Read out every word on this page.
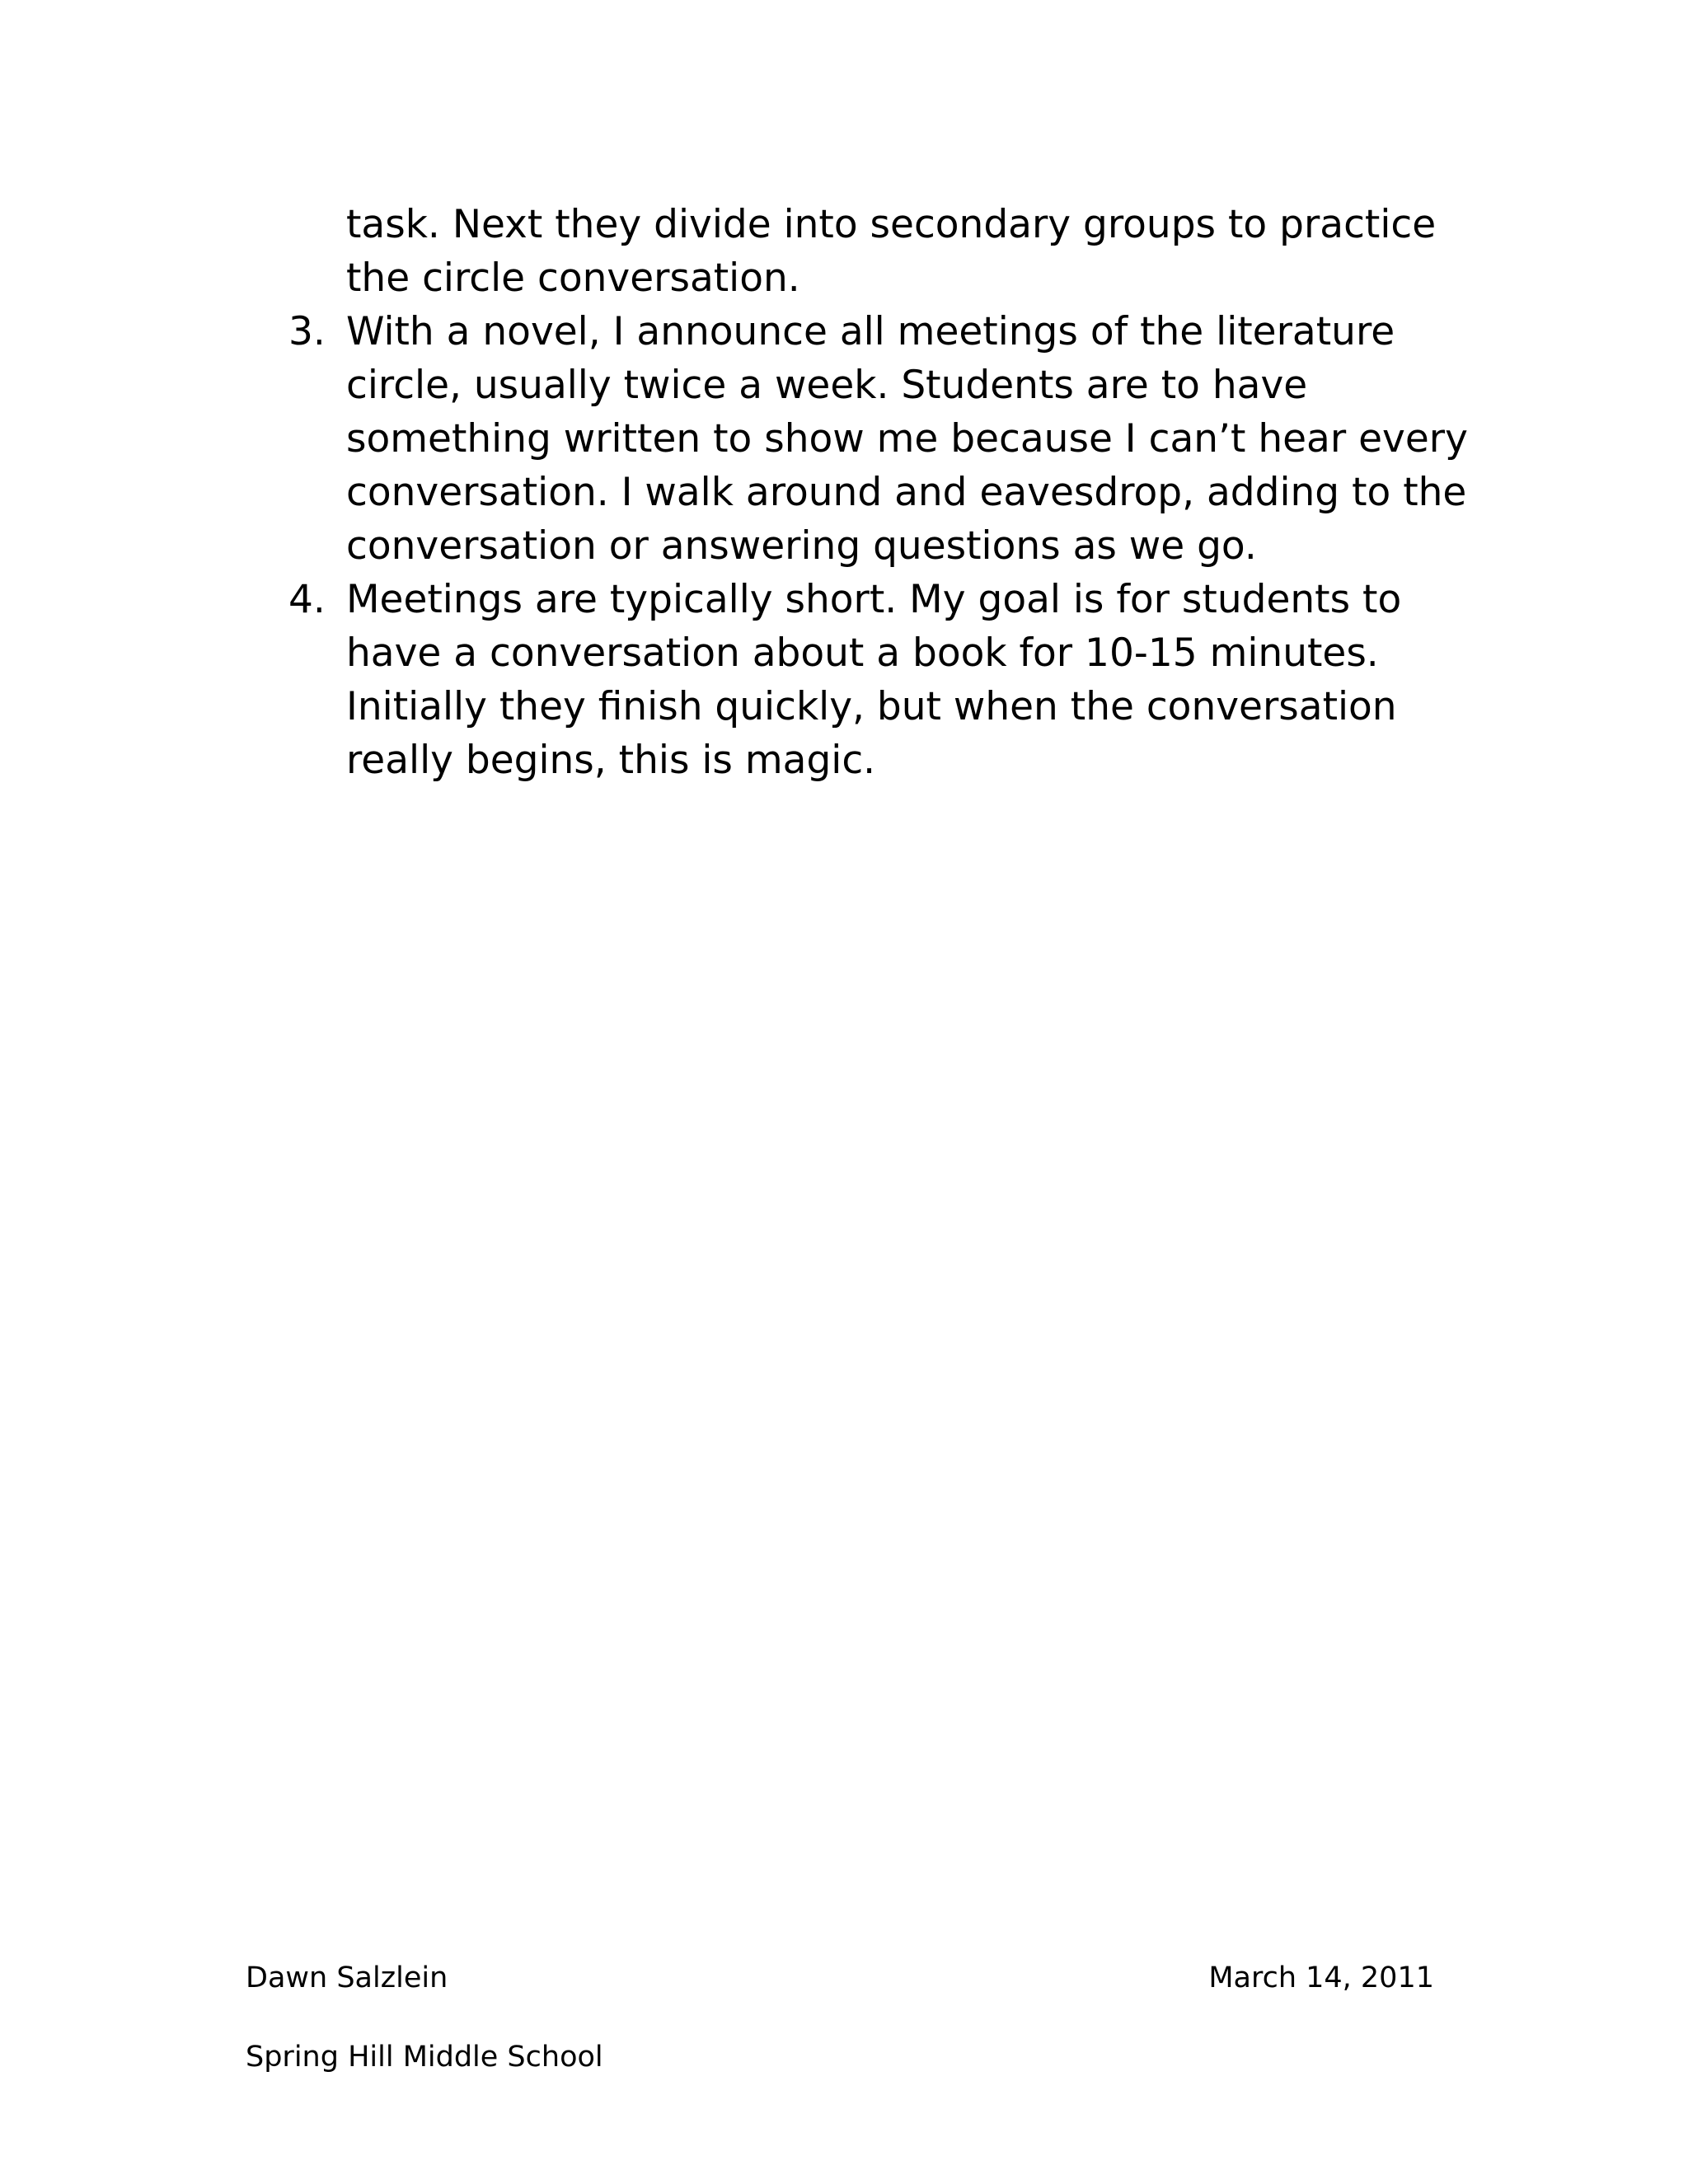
task. Next they divide into secondary groups to practice
the circle conversation.
3. With a novel, I announce all meetings of the literature
circle, usually twice a week. Students are to have
something written to show me because I can’t hear every
conversation. I walk around and eavesdrop, adding to the
conversation or answering questions as we go.
4. Meetings are typically short. My goal is for students to
have a conversation about a book for 10-15 minutes.
Initially they finish quickly, but when the conversation
really begins, this is magic.
Dawn Salzlein	March 14, 2011
Spring Hill Middle School
